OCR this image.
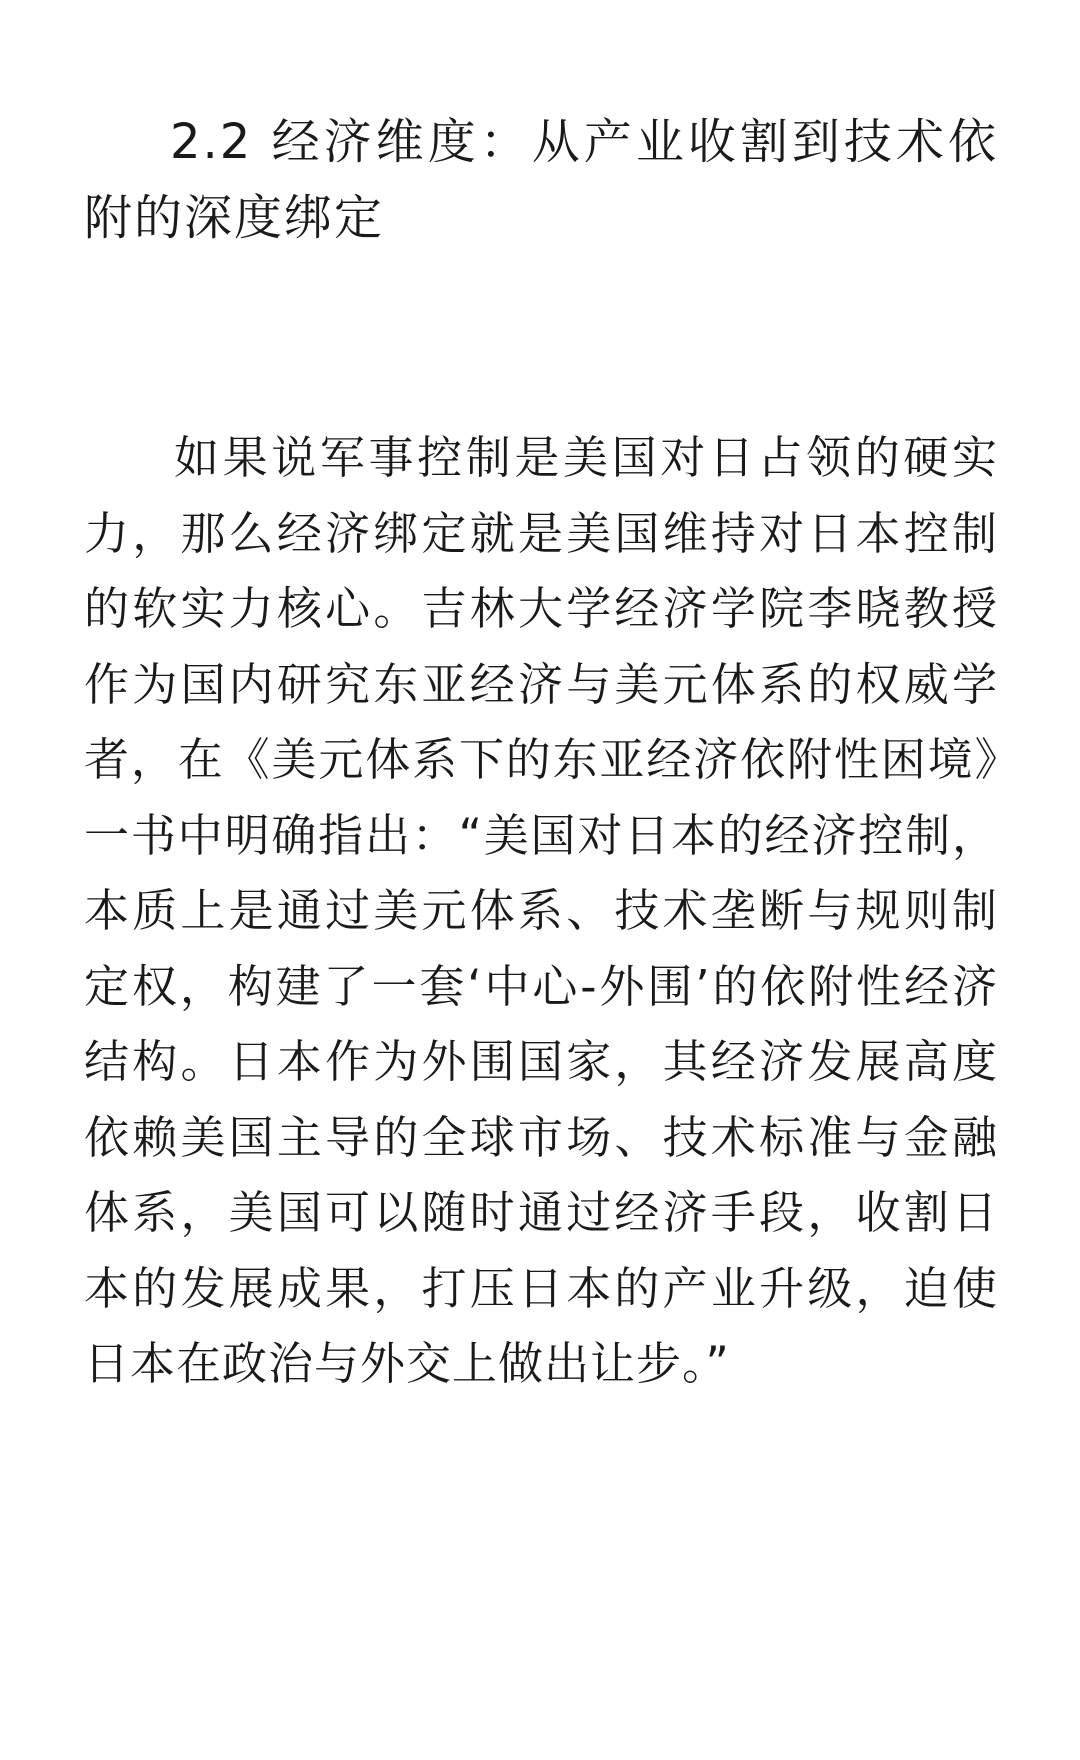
2.2 经济维度：从产业收割到技术依附的深度绑定

如果说军事控制是美国对日占领的硬实力，那么经济绑定就是美国维持对日本控制的软实力核心。吉林大学经济学院李晓教授作为国内研究东亚经济与美元体系的权威学者，在《美元体系下的东亚经济依附性困境》一书中明确指出：“美国对日本的经济控制，本质上是通过美元体系、技术垄断与规则制定权，构建了一套‘中心-外围’的依附性经济结构。日本作为外围国家，其经济发展高度依赖美国主导的全球市场、技术标准与金融体系，美国可以随时通过经济手段，收割日本的发展成果，打压日本的产业升级，迫使日本在政治与外交上做出让步。”
